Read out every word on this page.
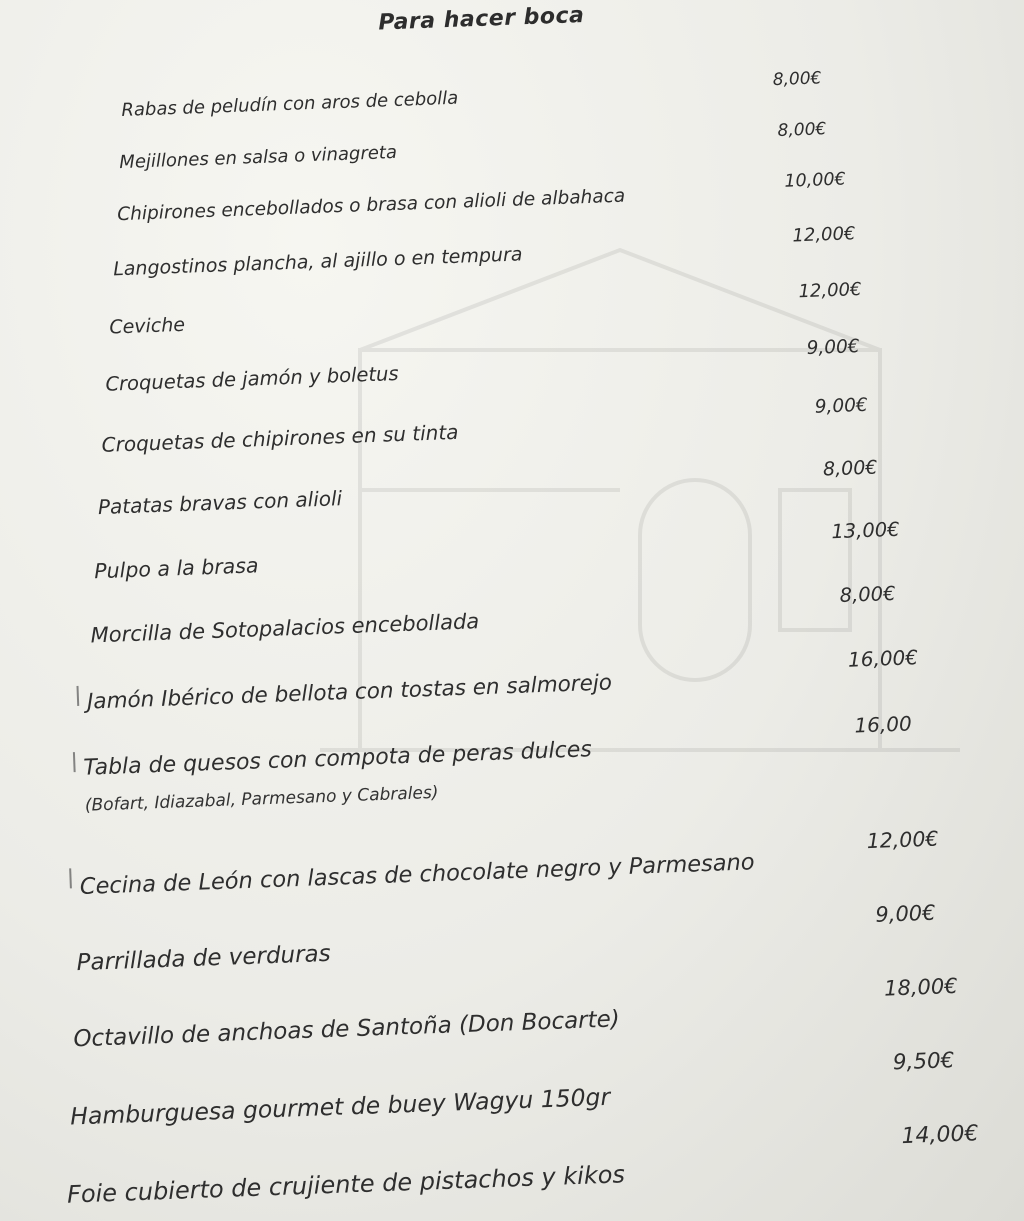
Para hacer boca
Rabas de peludín con aros de cebolla
8,00€
Mejillones en salsa o vinagreta
8,00€
Chipirones encebollados o brasa con alioli de albahaca
10,00€
Langostinos plancha, al ajillo o en tempura
12,00€
Ceviche
12,00€
Croquetas de jamón y boletus
9,00€
Croquetas de chipirones en su tinta
9,00€
Patatas bravas con alioli
8,00€
Pulpo a la brasa
13,00€
Morcilla de Sotopalacios encebollada
8,00€
Jamón Ibérico de bellota con tostas en salmorejo
16,00€
Tabla de quesos con compota de peras dulces
16,00
(Bofart, Idiazabal, Parmesano y Cabrales)
Cecina de León con lascas de chocolate negro y Parmesano
12,00€
Parrillada de verduras
9,00€
Octavillo de anchoas de Santoña (Don Bocarte)
18,00€
Hamburguesa gourmet de buey Wagyu 150gr
9,50€
Foie cubierto de crujiente de pistachos y kikos
14,00€
